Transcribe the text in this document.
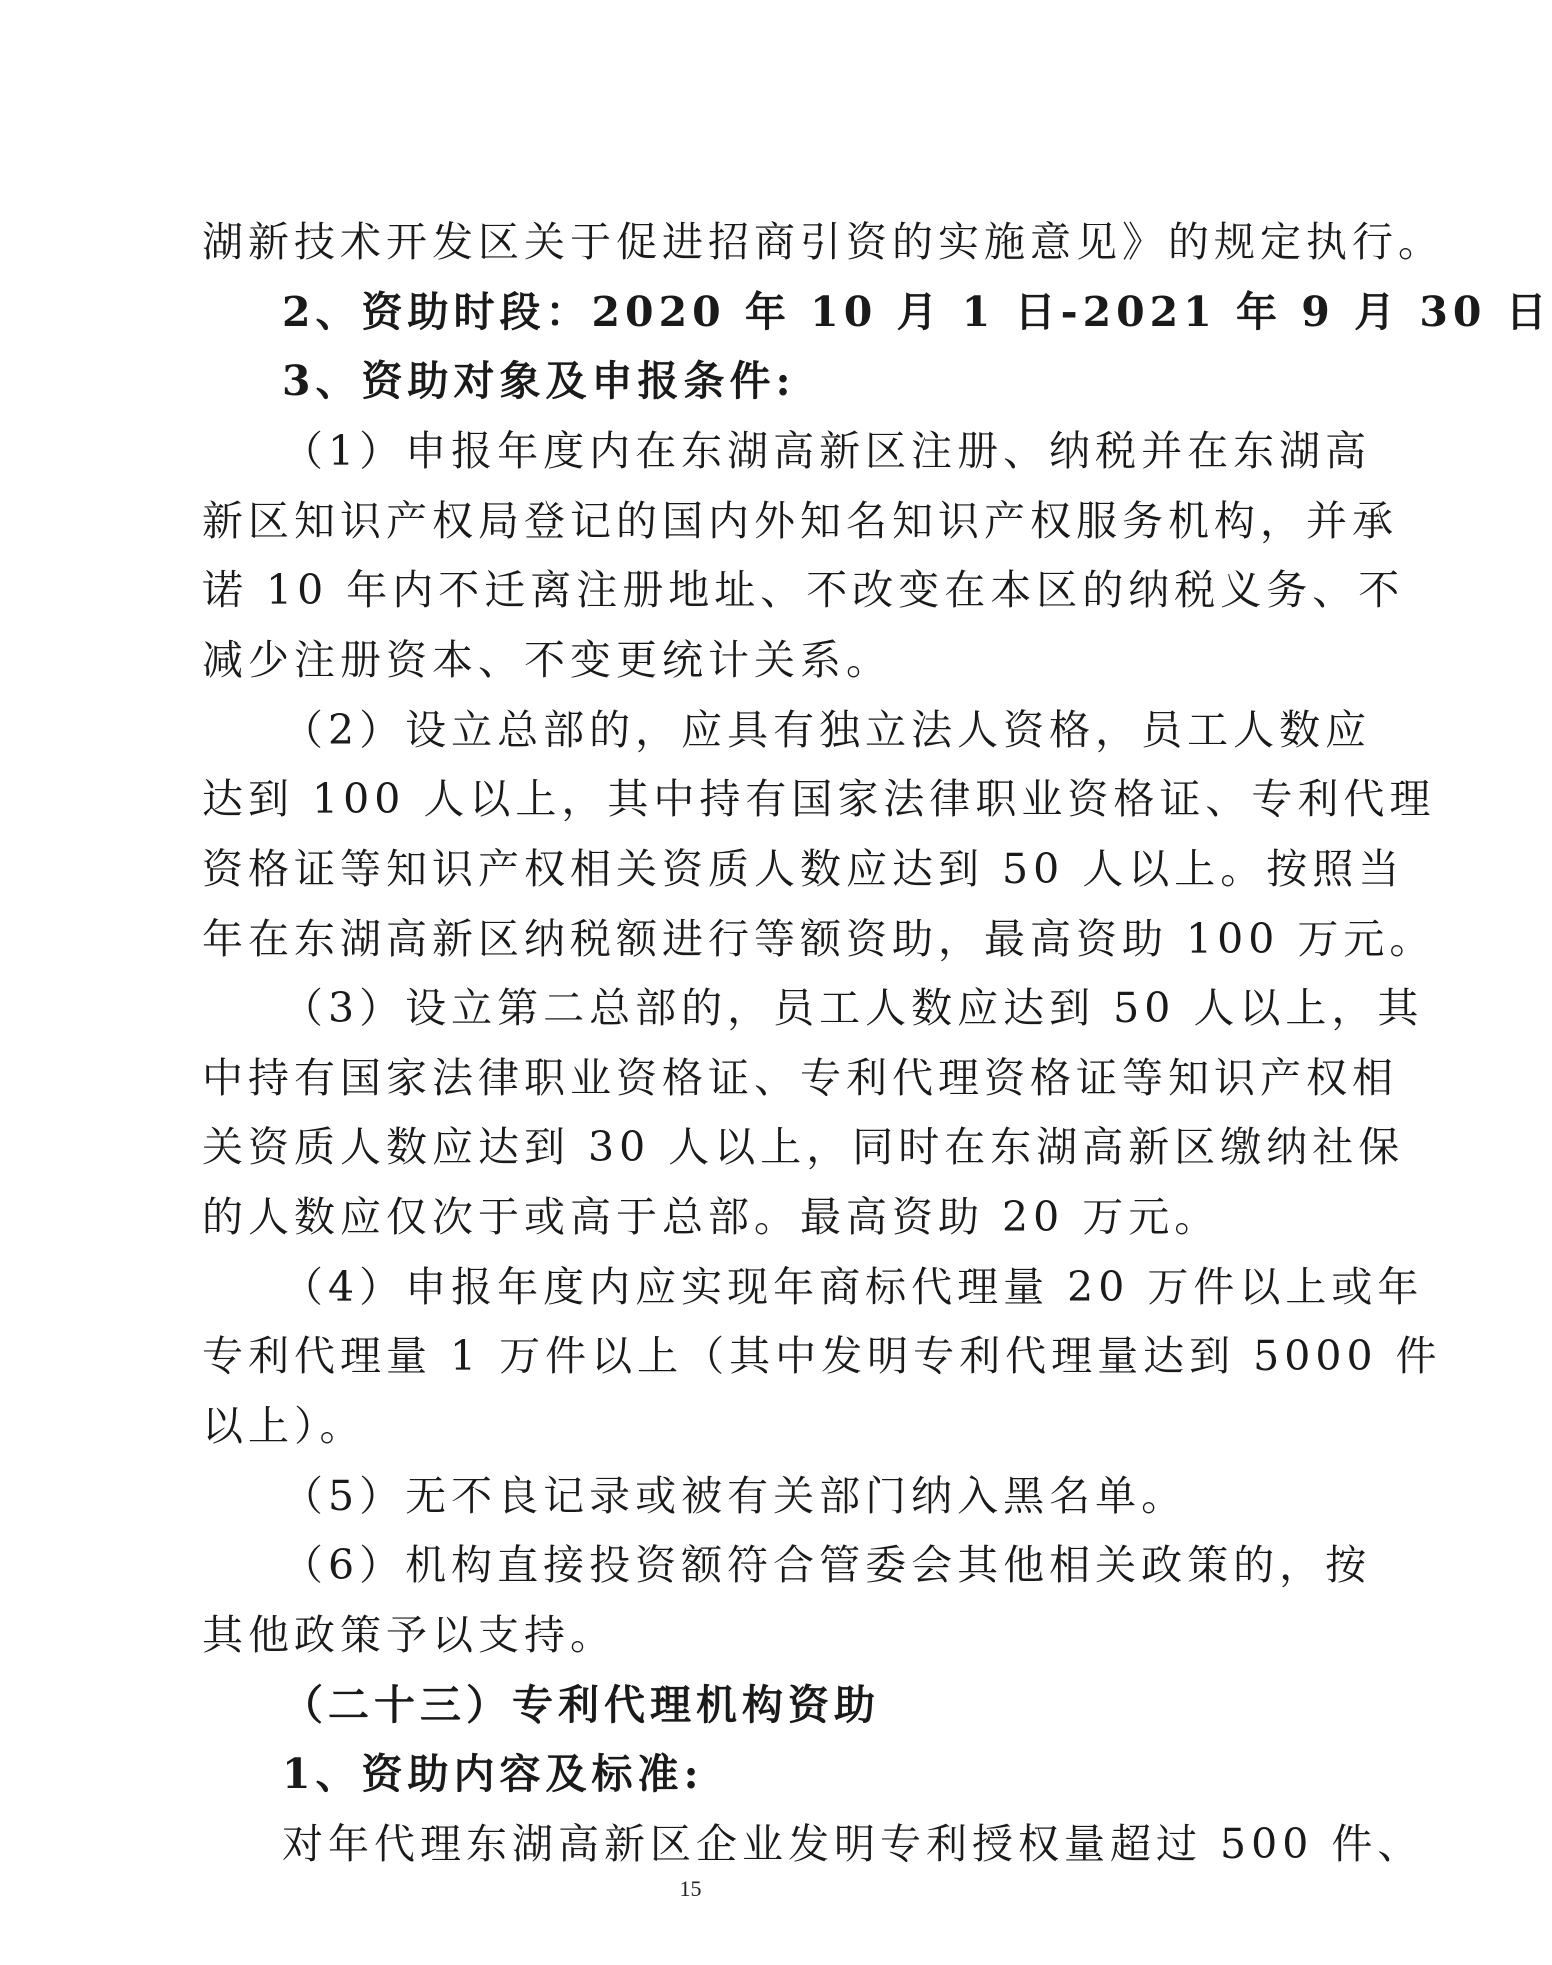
湖新技术开发区关于促进招商引资的实施意见》的规定执行。
2、资助时段：2020 年 10 月 1 日-2021 年 9 月 30 日
3、资助对象及申报条件:
（1）申报年度内在东湖高新区注册、纳税并在东湖高
新区知识产权局登记的国内外知名知识产权服务机构，并承
诺 10 年内不迁离注册地址、不改变在本区的纳税义务、不
减少注册资本、不变更统计关系。
（2）设立总部的，应具有独立法人资格，员工人数应
达到 100 人以上，其中持有国家法律职业资格证、专利代理
资格证等知识产权相关资质人数应达到 50 人以上。按照当
年在东湖高新区纳税额进行等额资助，最高资助 100 万元。
（3）设立第二总部的，员工人数应达到 50 人以上，其
中持有国家法律职业资格证、专利代理资格证等知识产权相
关资质人数应达到 30 人以上，同时在东湖高新区缴纳社保
的人数应仅次于或高于总部。最高资助 20 万元。
（4）申报年度内应实现年商标代理量 20 万件以上或年
专利代理量 1 万件以上（其中发明专利代理量达到 5000 件
以上）。
（5）无不良记录或被有关部门纳入黑名单。
（6）机构直接投资额符合管委会其他相关政策的，按
其他政策予以支持。
15
（二十三）专利代理机构资助
1、资助内容及标准:
对年代理东湖高新区企业发明专利授权量超过 500 件、
